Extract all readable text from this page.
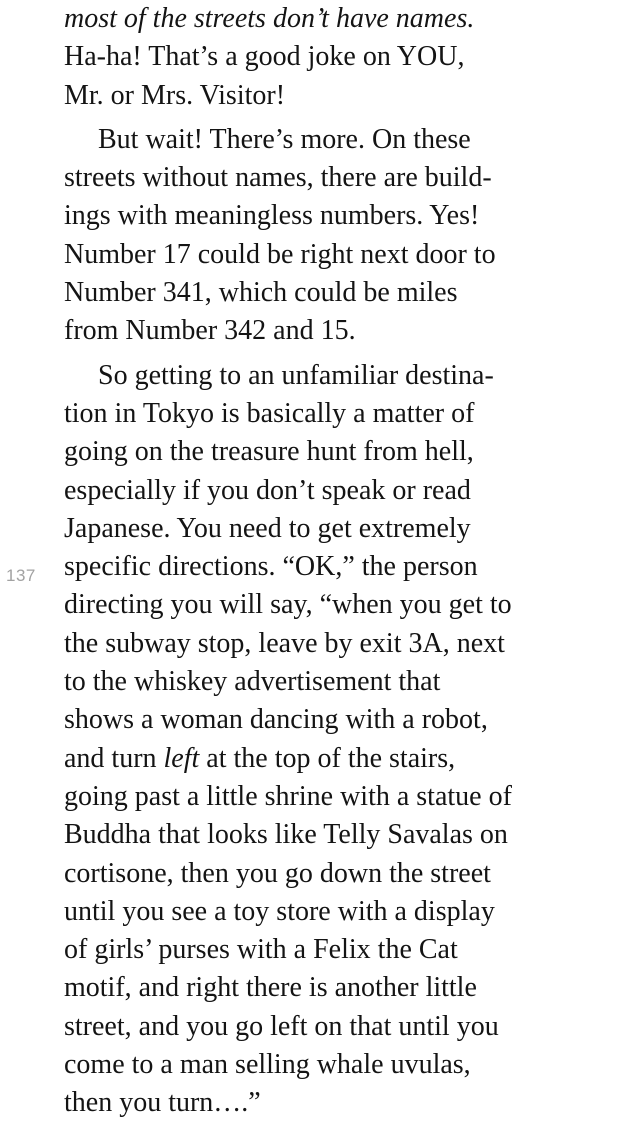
137
most of the streets don’t have names.
Ha-ha! That’s a good joke on YOU,
Mr. or Mrs. Visitor!
But wait! There’s more. On these
streets without names, there are build-
ings with meaningless numbers. Yes!
Number 17 could be right next door to
Number 341, which could be miles
from Number 342 and 15.
So getting to an unfamiliar destina-
tion in Tokyo is basically a matter of
going on the treasure hunt from hell,
especially if you don’t speak or read
Japanese. You need to get extremely
specific directions. “OK,” the person
directing you will say, “when you get to
the subway stop, leave by exit 3A, next
to the whiskey advertisement that
shows a woman dancing with a robot,
and turn left at the top of the stairs,
going past a little shrine with a statue of
Buddha that looks like Telly Savalas on
cortisone, then you go down the street
until you see a toy store with a display
of girls’ purses with a Felix the Cat
motif, and right there is another little
street, and you go left on that until you
come to a man selling whale uvulas,
then you turn….”
